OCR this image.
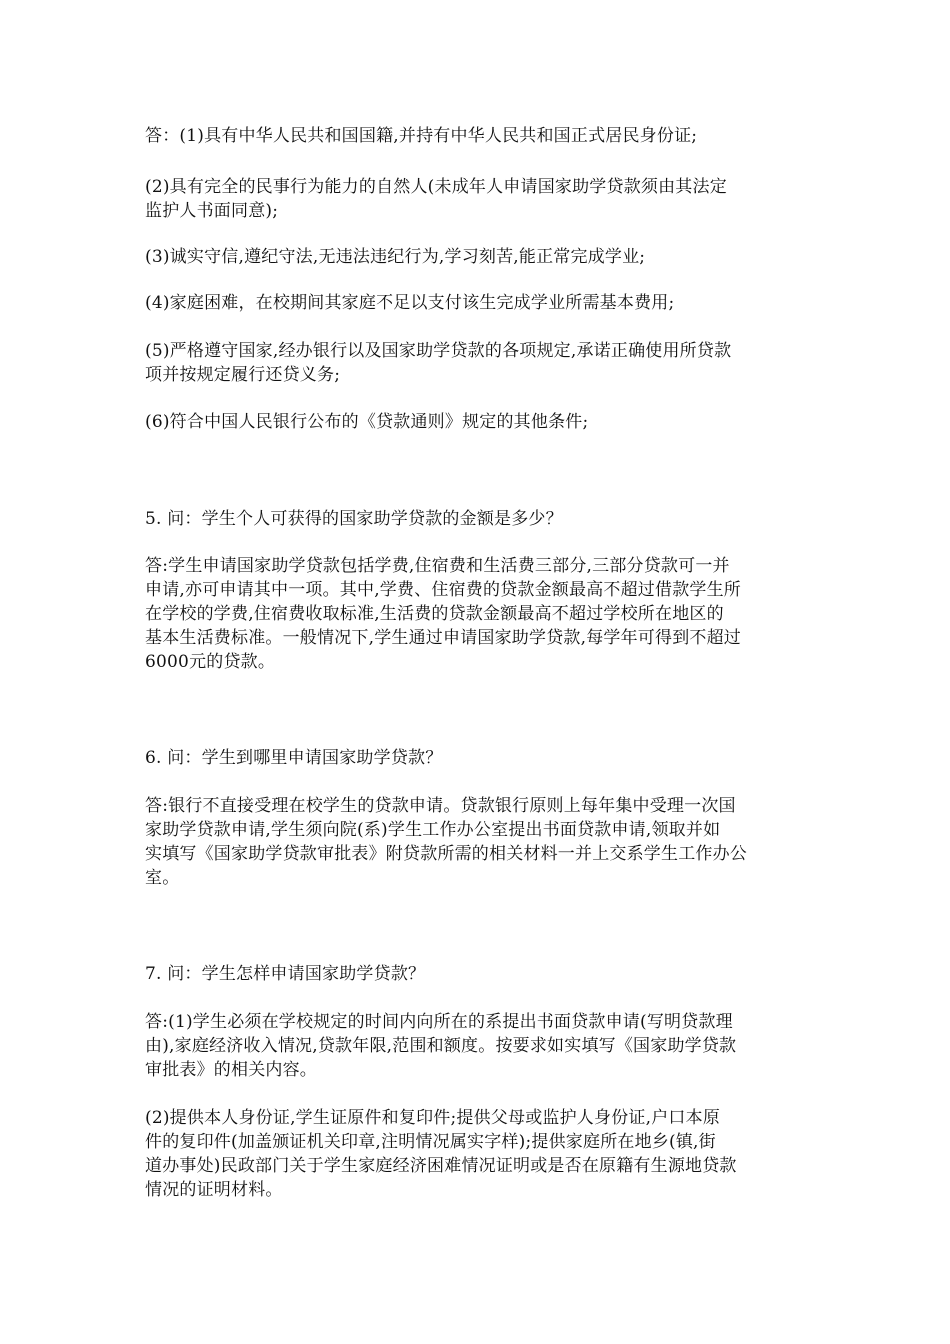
答：(1)具有中华人民共和国国籍,并持有中华人民共和国正式居民身份证;
(2)具有完全的民事行为能力的自然人(未成年人申请国家助学贷款须由其法定
监护人书面同意);
(3)诚实守信,遵纪守法,无违法违纪行为,学习刻苦,能正常完成学业;
(4)家庭困难，在校期间其家庭不足以支付该生完成学业所需基本费用;
(5)严格遵守国家,经办银行以及国家助学贷款的各项规定,承诺正确使用所贷款
项并按规定履行还贷义务;
(6)符合中国人民银行公布的《贷款通则》规定的其他条件;
5. 问：学生个人可获得的国家助学贷款的金额是多少？
答:学生申请国家助学贷款包括学费,住宿费和生活费三部分,三部分贷款可一并
申请,亦可申请其中一项。其中,学费、住宿费的贷款金额最高不超过借款学生所
在学校的学费,住宿费收取标准,生活费的贷款金额最高不超过学校所在地区的
基本生活费标准。一般情况下,学生通过申请国家助学贷款,每学年可得到不超过
6000元的贷款。
6. 问：学生到哪里申请国家助学贷款？
答:银行不直接受理在校学生的贷款申请。贷款银行原则上每年集中受理一次国
家助学贷款申请,学生须向院(系)学生工作办公室提出书面贷款申请,领取并如
实填写《国家助学贷款审批表》附贷款所需的相关材料一并上交系学生工作办公
室。
7. 问：学生怎样申请国家助学贷款？
答:(1)学生必须在学校规定的时间内向所在的系提出书面贷款申请(写明贷款理
由),家庭经济收入情况,贷款年限,范围和额度。按要求如实填写《国家助学贷款
审批表》的相关内容。
(2)提供本人身份证,学生证原件和复印件;提供父母或监护人身份证,户口本原
件的复印件(加盖颁证机关印章,注明情况属实字样);提供家庭所在地乡(镇,街
道办事处)民政部门关于学生家庭经济困难情况证明或是否在原籍有生源地贷款
情况的证明材料。
